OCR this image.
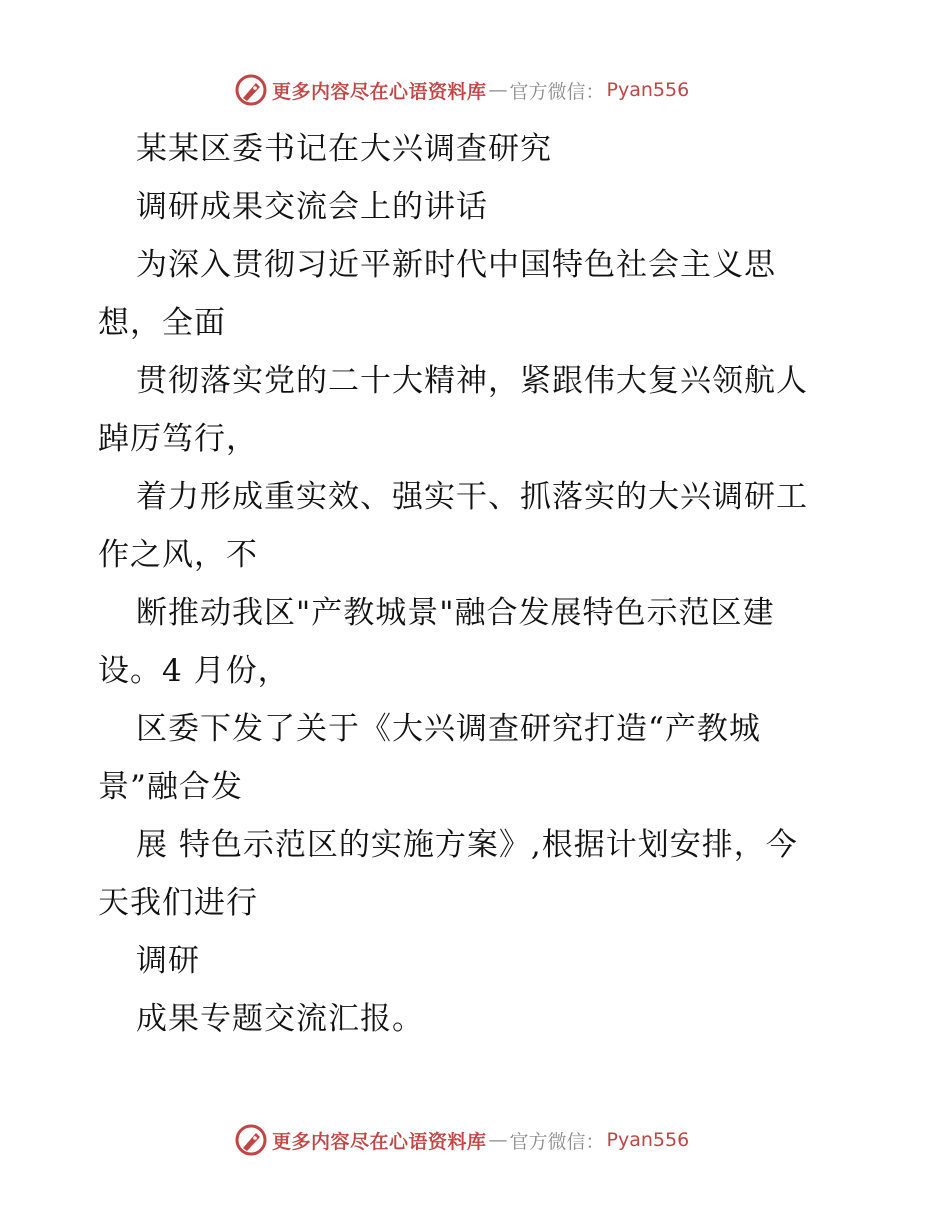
更多内容尽在心语资料库 — 官方微信： Pyan556
某某区委书记在大兴调查研究
调研成果交流会上的讲话
为深入贯彻习近平新时代中国特色社会主义思
想，全面
贯彻落实党的二十大精神，紧跟伟大复兴领航人
踔厉笃行，
着力形成重实效、强实干、抓落实的大兴调研工
作之风，不
断推动我区"产教城景"融合发展特色示范区建
设。4 月份，
区委下发了关于《大兴调查研究打造“产教城
景”融合发
展 特色示范区的实施方案》,根据计划安排，今
天我们进行
调研
成果专题交流汇报。
更多内容尽在心语资料库 — 官方微信： Pyan556
